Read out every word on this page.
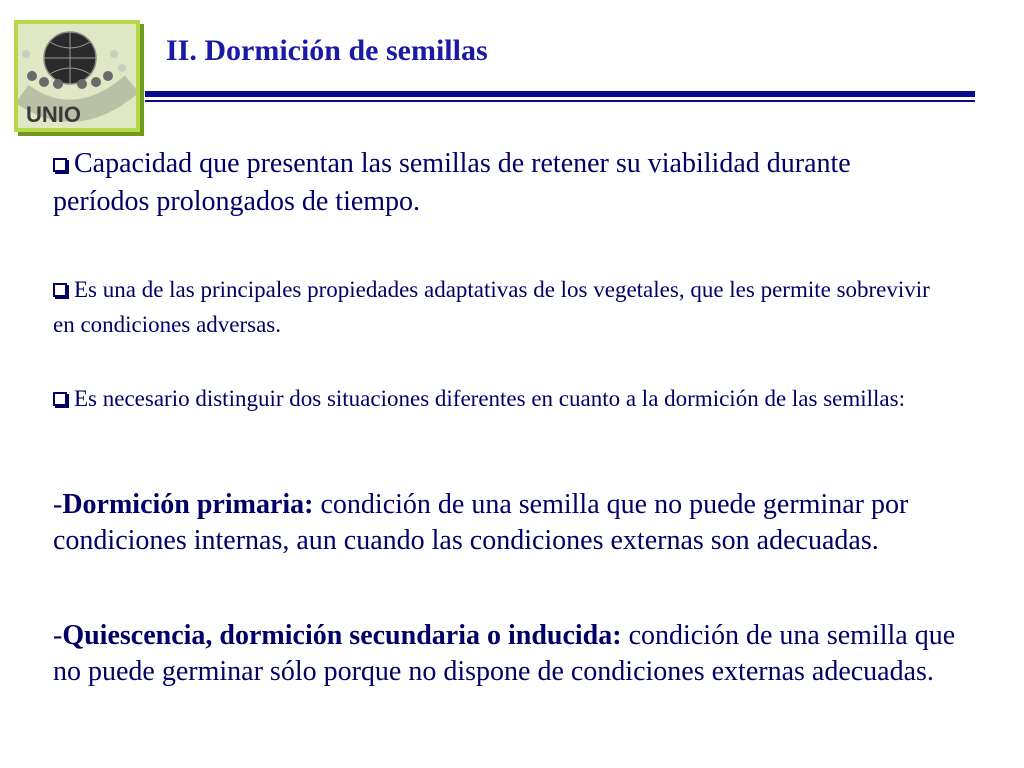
UNIO
II. Dormición de semillas

Capacidad que presentan las semillas de retener su viabilidad durante períodos prolongados de tiempo.

Es una de las principales propiedades adaptativas de los vegetales, que les permite sobrevivir en condiciones adversas.

Es necesario distinguir dos situaciones diferentes en cuanto a la dormición de las semillas:

-Dormición primaria: condición de una semilla que no puede germinar por condiciones internas, aun cuando las condiciones externas son adecuadas.

-Quiescencia, dormición secundaria o inducida: condición de una semilla que no puede germinar sólo porque no dispone de condiciones externas adecuadas.
